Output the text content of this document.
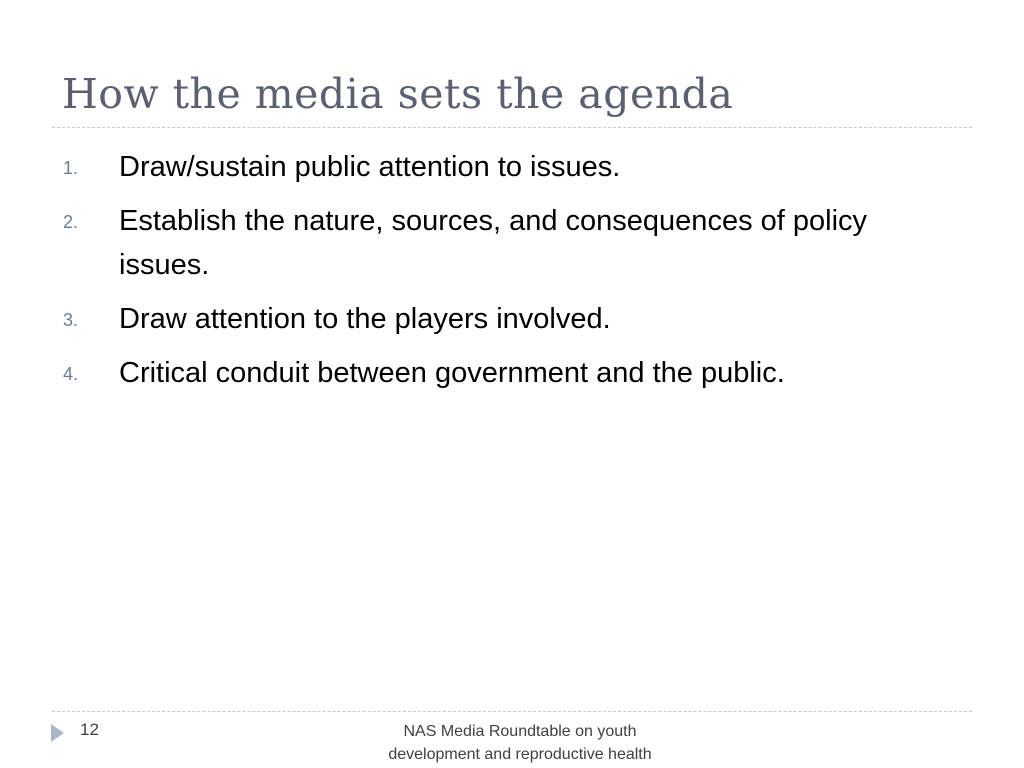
How the media sets the agenda
1.	Draw/sustain public attention to issues.
2.	Establish the nature, sources, and consequences of policy issues.
3.	Draw attention to the players involved.
4.	Critical conduit between government and the public.
12	NAS Media Roundtable on youth
development and reproductive health
